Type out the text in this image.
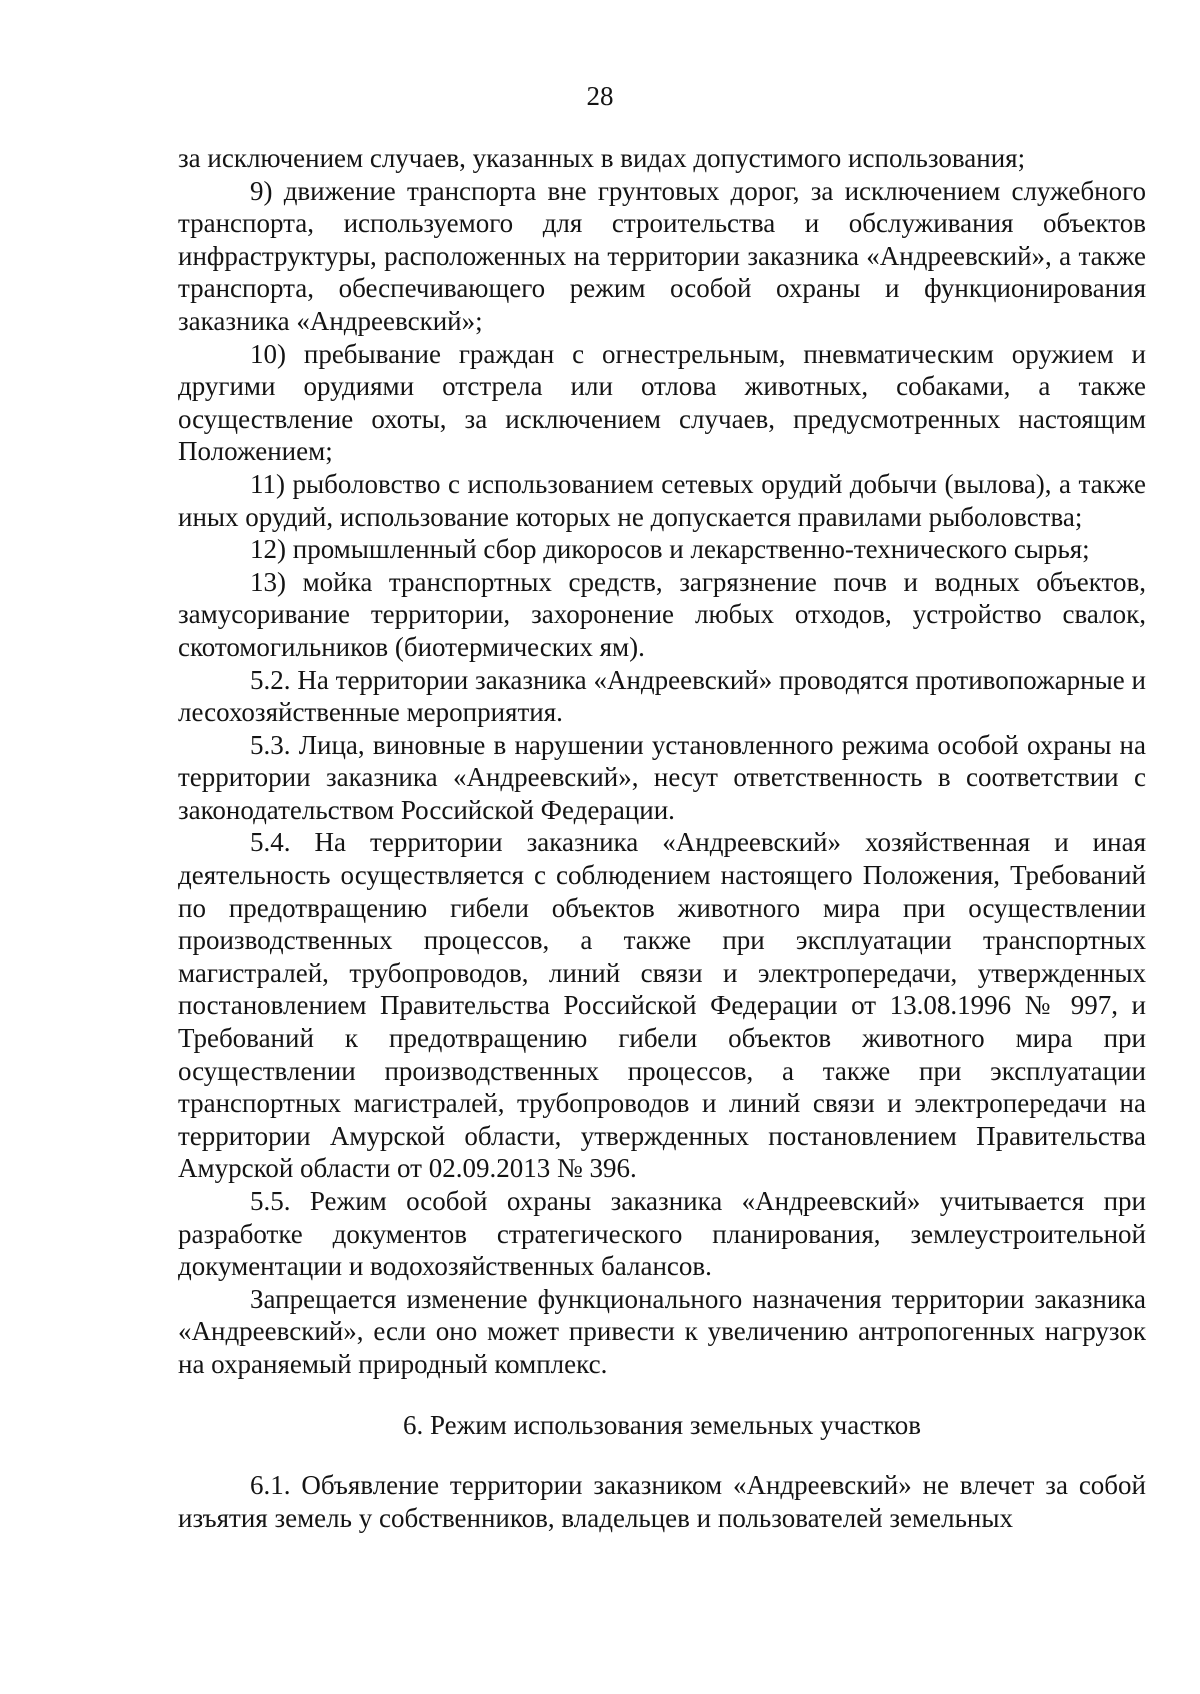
28

за исключением случаев, указанных в видах допустимого использования;

9) движение транспорта вне грунтовых дорог, за исключением служебного транспорта, используемого для строительства и обслуживания объектов инфраструктуры, расположенных на территории заказника «Андреевский», а также транспорта, обеспечивающего режим особой охраны и функционирования заказника «Андреевский»;

10) пребывание граждан с огнестрельным, пневматическим оружием и другими орудиями отстрела или отлова животных, собаками, а также осуществление охоты, за исключением случаев, предусмотренных настоящим Положением;

11) рыболовство с использованием сетевых орудий добычи (вылова), а также иных орудий, использование которых не допускается правилами рыболовства;

12) промышленный сбор дикоросов и лекарственно-технического сырья;

13) мойка транспортных средств, загрязнение почв и водных объектов, замусоривание территории, захоронение любых отходов, устройство свалок, скотомогильников (биотермических ям).

5.2. На территории заказника «Андреевский» проводятся противопожарные и лесохозяйственные мероприятия.

5.3. Лица, виновные в нарушении установленного режима особой охраны на территории заказника «Андреевский», несут ответственность в соответствии с законодательством Российской Федерации.

5.4. На территории заказника «Андреевский» хозяйственная и иная деятельность осуществляется с соблюдением настоящего Положения, Требований по предотвращению гибели объектов животного мира при осуществлении производственных процессов, а также при эксплуатации транспортных магистралей, трубопроводов, линий связи и электропередачи, утвержденных постановлением Правительства Российской Федерации от 13.08.1996 № 997, и Требований к предотвращению гибели объектов животного мира при осуществлении производственных процессов, а также при эксплуатации транспортных магистралей, трубопроводов и линий связи и электропередачи на территории Амурской области, утвержденных постановлением Правительства Амурской области от 02.09.2013 № 396.

5.5. Режим особой охраны заказника «Андреевский» учитывается при разработке документов стратегического планирования, землеустроительной документации и водохозяйственных балансов.

Запрещается изменение функционального назначения территории заказника «Андреевский», если оно может привести к увеличению антропогенных нагрузок на охраняемый природный комплекс.

6. Режим использования земельных участков

6.1. Объявление территории заказником «Андреевский» не влечет за собой изъятия земель у собственников, владельцев и пользователей земельных
